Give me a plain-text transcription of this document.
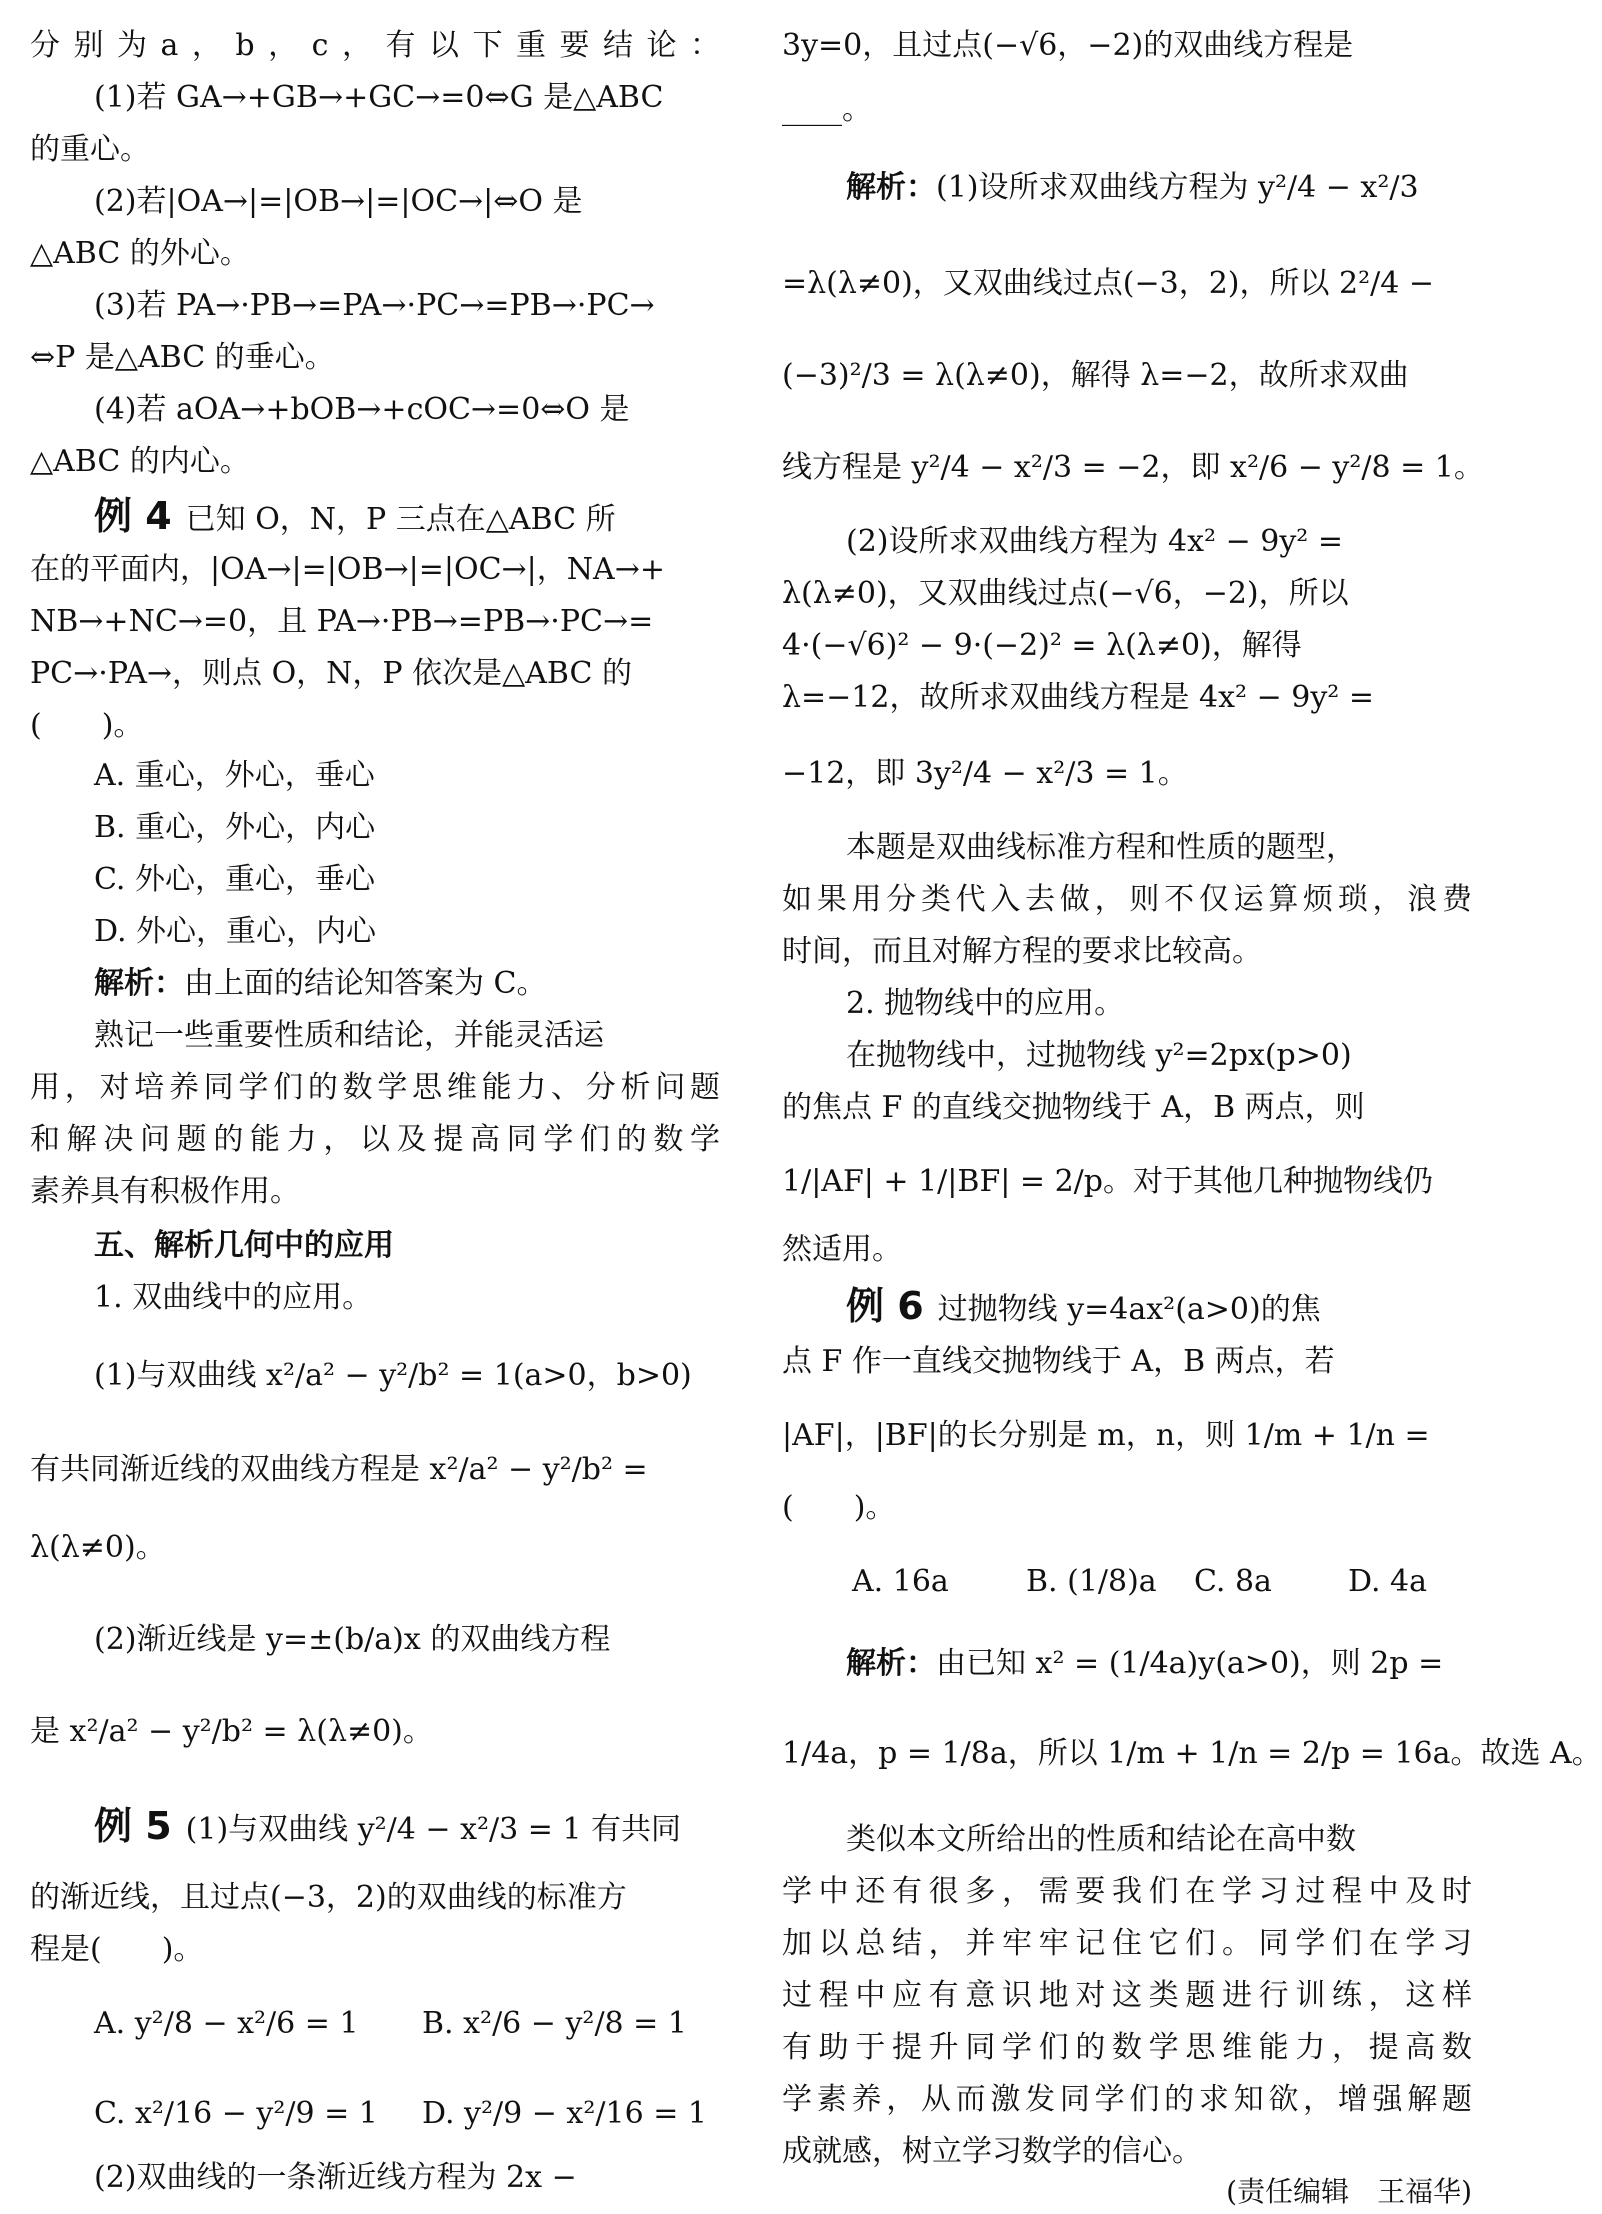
分别为a，b，c，有以下重要结论：
(1)若 GA→+GB→+GC→=0⇔G 是△ABC
的重心。
(2)若|OA→|=|OB→|=|OC→|⇔O 是
△ABC 的外心。
(3)若 PA→·PB→=PA→·PC→=PB→·PC→
⇔P 是△ABC 的垂心。
(4)若 aOA→+bOB→+cOC→=0⇔O 是
△ABC 的内心。
例 4 已知 O，N，P 三点在△ABC 所
在的平面内，|OA→|=|OB→|=|OC→|，NA→+
NB→+NC→=0，且 PA→·PB→=PB→·PC→=
PC→·PA→，则点 O，N，P 依次是△ABC 的
(　　)。
A. 重心，外心，垂心
B. 重心，外心，内心
C. 外心，重心，垂心
D. 外心，重心，内心
解析：由上面的结论知答案为 C。
熟记一些重要性质和结论，并能灵活运
用，对培养同学们的数学思维能力、分析问题
和解决问题的能力，以及提高同学们的数学
素养具有积极作用。
五、解析几何中的应用
1. 双曲线中的应用。
(1)与双曲线 x²/a² − y²/b² = 1(a>0，b>0)
有共同渐近线的双曲线方程是 x²/a² − y²/b² =
λ(λ≠0)。
(2)渐近线是 y=±(b/a)x 的双曲线方程
是 x²/a² − y²/b² = λ(λ≠0)。
例 5 (1)与双曲线 y²/4 − x²/3 = 1 有共同
的渐近线，且过点(−3，2)的双曲线的标准方
程是(　　)。
A. y²/8 − x²/6 = 1 B. x²/6 − y²/8 = 1
C. x²/16 − y²/9 = 1 D. y²/9 − x²/16 = 1
(2)双曲线的一条渐近线方程为 2x −
3y=0，且过点(−√6，−2)的双曲线方程是
____。
解析：(1)设所求双曲线方程为 y²/4 − x²/3
=λ(λ≠0)，又双曲线过点(−3，2)，所以 2²/4 −
(−3)²/3 = λ(λ≠0)，解得 λ=−2，故所求双曲
线方程是 y²/4 − x²/3 = −2，即 x²/6 − y²/8 = 1。
(2)设所求双曲线方程为 4x² − 9y² =
λ(λ≠0)，又双曲线过点(−√6，−2)，所以
4·(−√6)² − 9·(−2)² = λ(λ≠0)，解得
λ=−12，故所求双曲线方程是 4x² − 9y² =
−12，即 3y²/4 − x²/3 = 1。
本题是双曲线标准方程和性质的题型，
如果用分类代入去做，则不仅运算烦琐，浪费
时间，而且对解方程的要求比较高。
2. 抛物线中的应用。
在抛物线中，过抛物线 y²=2px(p>0)
的焦点 F 的直线交抛物线于 A，B 两点，则
1/|AF| + 1/|BF| = 2/p。对于其他几种抛物线仍
然适用。
例 6 过抛物线 y=4ax²(a>0)的焦
点 F 作一直线交抛物线于 A，B 两点，若
|AF|，|BF|的长分别是 m，n，则 1/m + 1/n =
(　　)。
A. 16a	B. (1/8)a C. 8a	D. 4a
解析：由已知 x² = (1/4a)y(a>0)，则 2p =
1/4a，p = 1/8a，所以 1/m + 1/n = 2/p = 16a。故选 A。
类似本文所给出的性质和结论在高中数
学中还有很多，需要我们在学习过程中及时
加以总结，并牢牢记住它们。同学们在学习
过程中应有意识地对这类题进行训练，这样
有助于提升同学们的数学思维能力，提高数
学素养，从而激发同学们的求知欲，增强解题
成就感，树立学习数学的信心。
(责任编辑　王福华)
